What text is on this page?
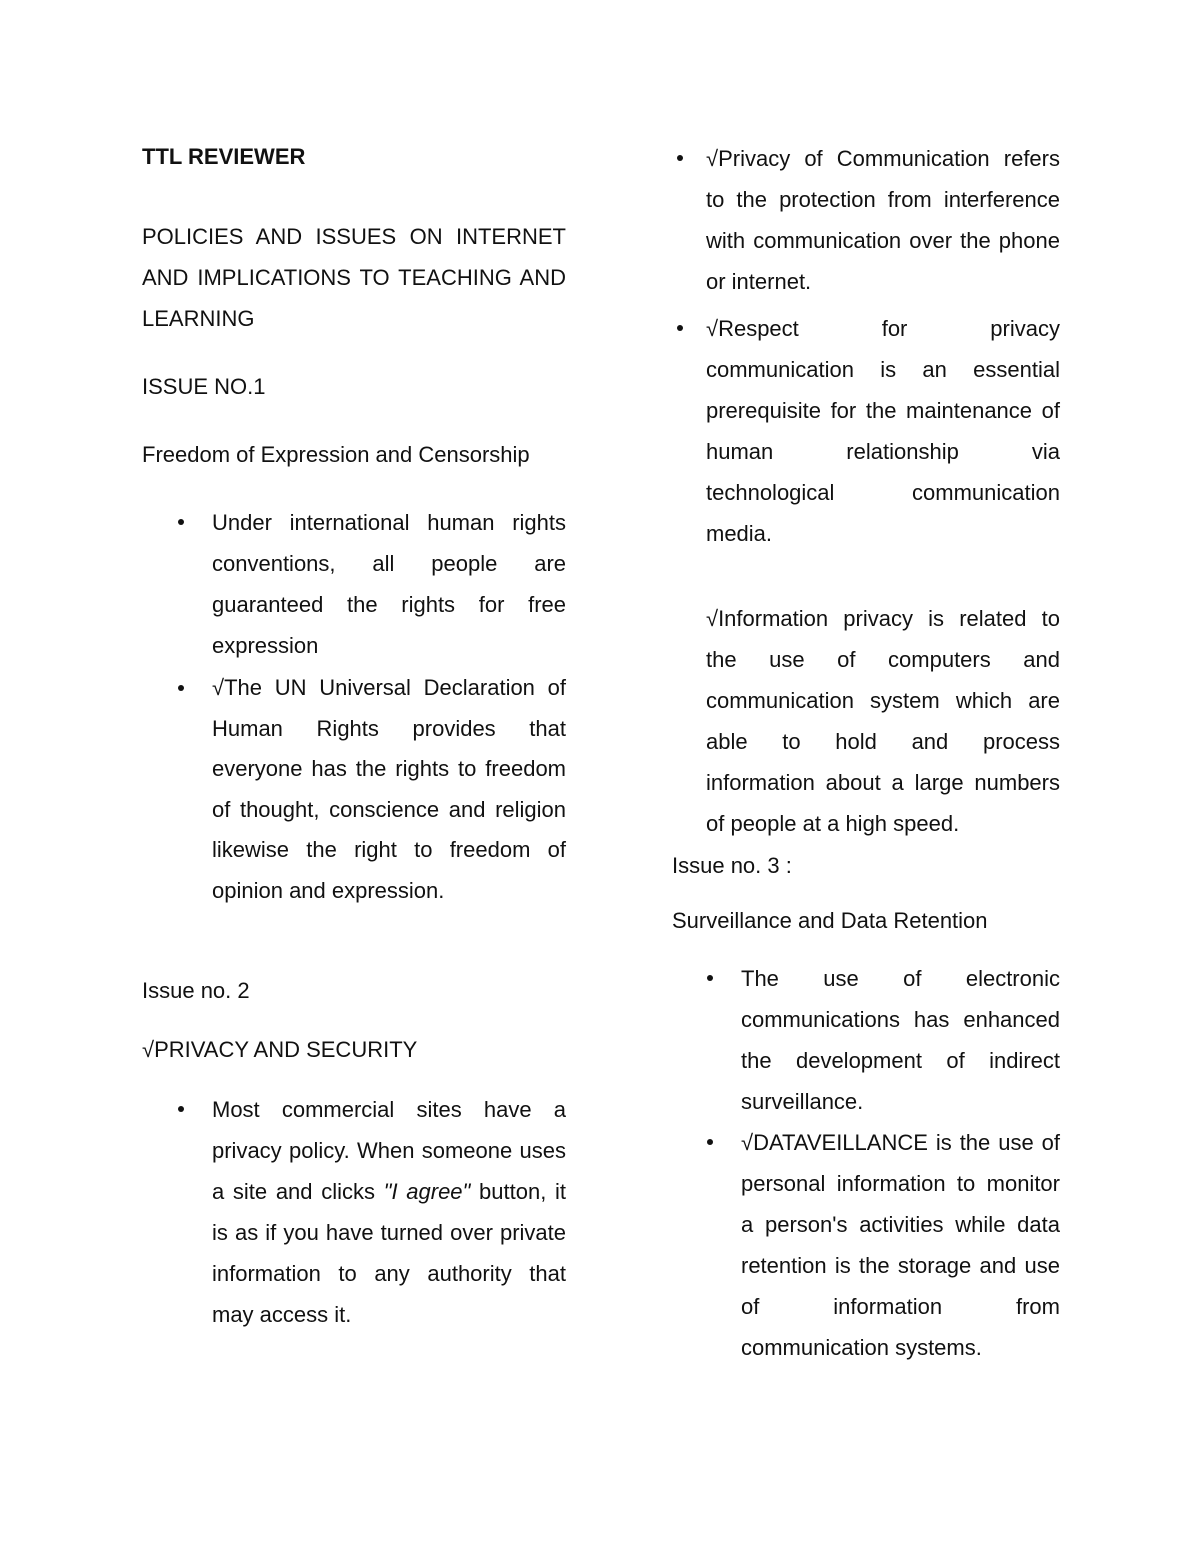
TTL REVIEWER
POLICIES AND ISSUES ON INTERNET AND IMPLICATIONS TO TEACHING AND LEARNING
ISSUE NO.1
Freedom of Expression and Censorship
Under international human rights conventions, all people are guaranteed the rights for free expression
√The UN Universal Declaration of Human Rights provides that everyone has the rights to freedom of thought, conscience and religion likewise the right to freedom of opinion and expression.
Issue no. 2
√PRIVACY AND SECURITY
Most commercial sites have a privacy policy. When someone uses a site and clicks "I agree" button, it is as if you have turned over private information to any authority that may access it.
√Privacy of Communication refers to the protection from interference with communication over the phone or internet.
√Respect for privacy communication is an essential prerequisite for the maintenance of human relationship via technological communication media.
√Information privacy is related to the use of computers and communication system which are able to hold and process information about a large numbers of people at a high speed.
Issue no. 3 :
Surveillance and Data Retention
The use of electronic communications has enhanced the development of indirect surveillance.
√DATAVEILLANCE is the use of personal information to monitor a person's activities while data retention is the storage and use of information from communication systems.
